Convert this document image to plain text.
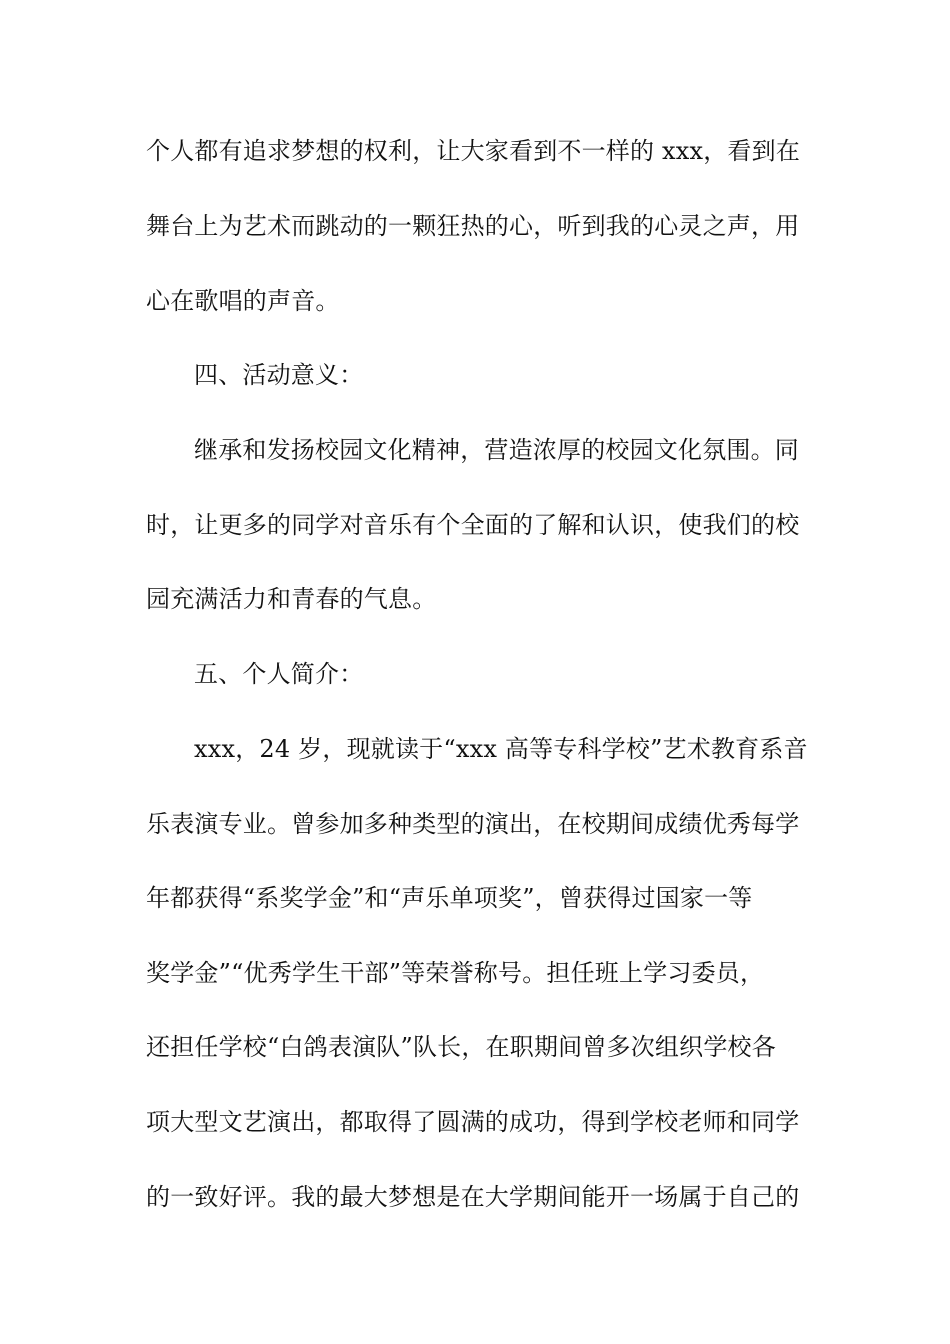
个人都有追求梦想的权利，让大家看到不一样的 xxx，看到在
舞台上为艺术而跳动的一颗狂热的心，听到我的心灵之声，用
心在歌唱的声音。
四、活动意义：
继承和发扬校园文化精神，营造浓厚的校园文化氛围。同
时，让更多的同学对音乐有个全面的了解和认识，使我们的校
园充满活力和青春的气息。
五、个人简介：
xxx，24 岁，现就读于“xxx 高等专科学校”艺术教育系音
乐表演专业。曾参加多种类型的演出，在校期间成绩优秀每学
年都获得“系奖学金”和“声乐单项奖”，曾获得过国家一等
奖学金”“优秀学生干部”等荣誉称号。担任班上学习委员，
还担任学校“白鸽表演队”队长，在职期间曾多次组织学校各
项大型文艺演出，都取得了圆满的成功，得到学校老师和同学
的一致好评。我的最大梦想是在大学期间能开一场属于自己的
